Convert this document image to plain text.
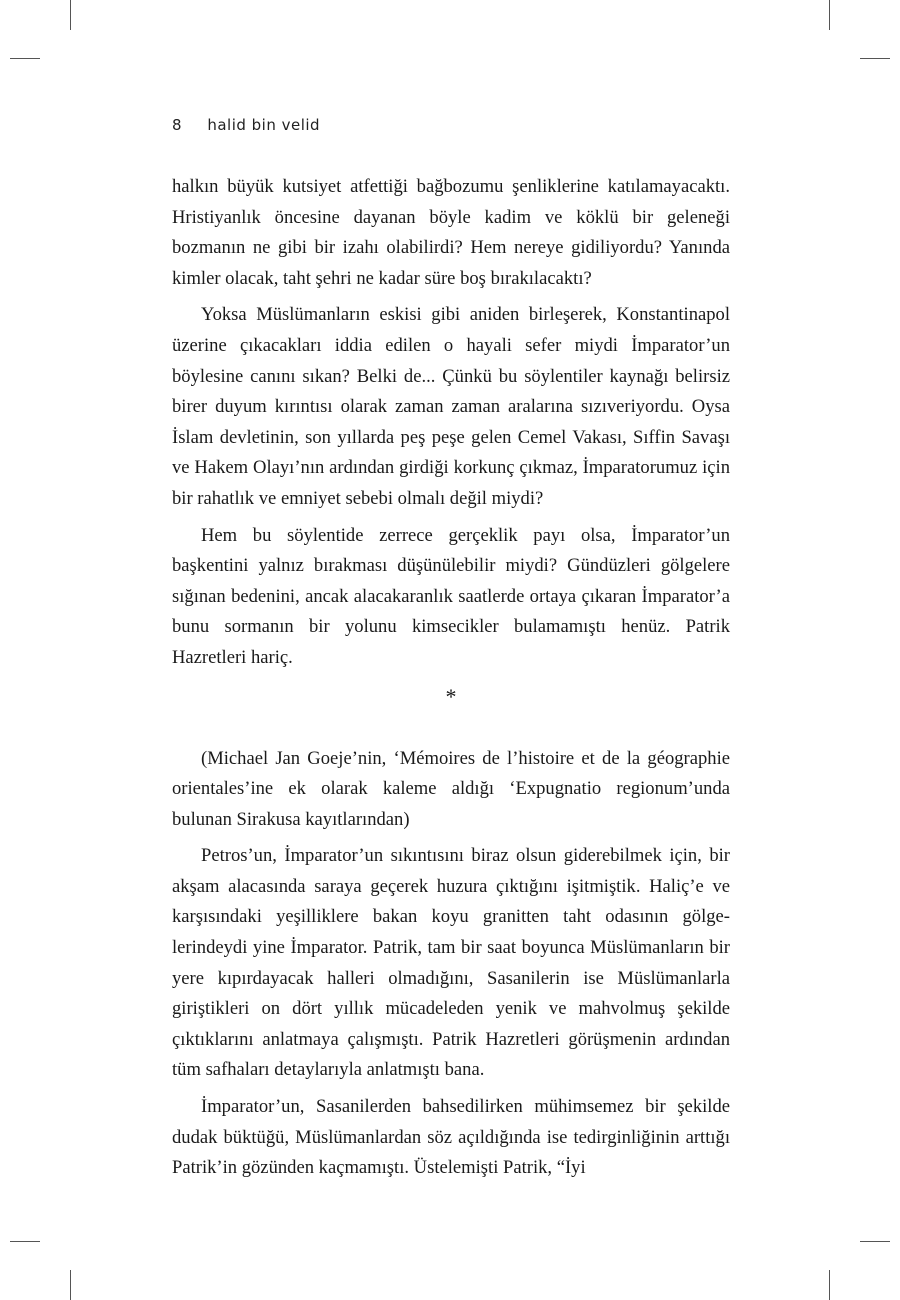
8 halid bin velid

halkın büyük kutsiyet atfettiği bağbozumu şenliklerine katılamayacaktı. Hristiyanlık öncesine dayanan böyle kadim ve köklü bir geleneği bozmanın ne gibi bir izahı olabilirdi? Hem nereye gidiliyordu? Yanında kimler olacak, taht şehri ne kadar süre boş bırakılacaktı?

Yoksa Müslümanların eskisi gibi aniden birleşerek, Konstantinapol üzerine çıkacakları iddia edilen o hayali sefer miydi İmparator’un böylesine canını sıkan? Belki de... Çünkü bu söylentiler kaynağı belirsiz birer duyum kırıntısı olarak zaman zaman aralarına sızıveriyordu. Oysa İslam devletinin, son yıllarda peş peşe gelen Cemel Vakası, Sıffin Savaşı ve Hakem Olayı’nın ardından girdiği korkunç çıkmaz, İmparatorumuz için bir rahatlık ve emniyet sebebi olmalı değil miydi?

Hem bu söylentide zerrece gerçeklik payı olsa, İmparator’un başkentini yalnız bırakması düşünülebilir miydi? Gündüzleri gölgelere sığınan bedenini, ancak alacakaranlık saatlerde ortaya çıkaran İmparator’a bunu sormanın bir yolunu kimsecikler bulamamıştı henüz. Patrik Hazretleri hariç.

*

(Michael Jan Goeje’nin, ‘Mémoires de l’histoire et de la géographie orientales’ine ek olarak kaleme aldığı ‘Expugnatio regionum’unda bulunan Sirakusa kayıtlarından)

Petros’un, İmparator’un sıkıntısını biraz olsun giderebilmek için, bir akşam alacasında saraya geçerek huzura çıktığını işitmiştik. Haliç’e ve karşısındaki yeşilliklere bakan koyu granitten taht odasının gölgelerindeydi yine İmparator. Patrik, tam bir saat boyunca Müslümanların bir yere kıpırdayacak halleri olmadığını, Sasanilerin ise Müslümanlarla giriştikleri on dört yıllık mücadeleden yenik ve mahvolmuş şekilde çıktıklarını anlatmaya çalışmıştı. Patrik Hazretleri görüşmenin ardından tüm safhaları detaylarıyla anlatmıştı bana.

İmparator’un, Sasanilerden bahsedilirken mühimsemez bir şekilde dudak büktüğü, Müslümanlardan söz açıldığında ise tedirginliğinin arttığı Patrik’in gözünden kaçmamıştı. Üstelemişti Patrik, “İyi
